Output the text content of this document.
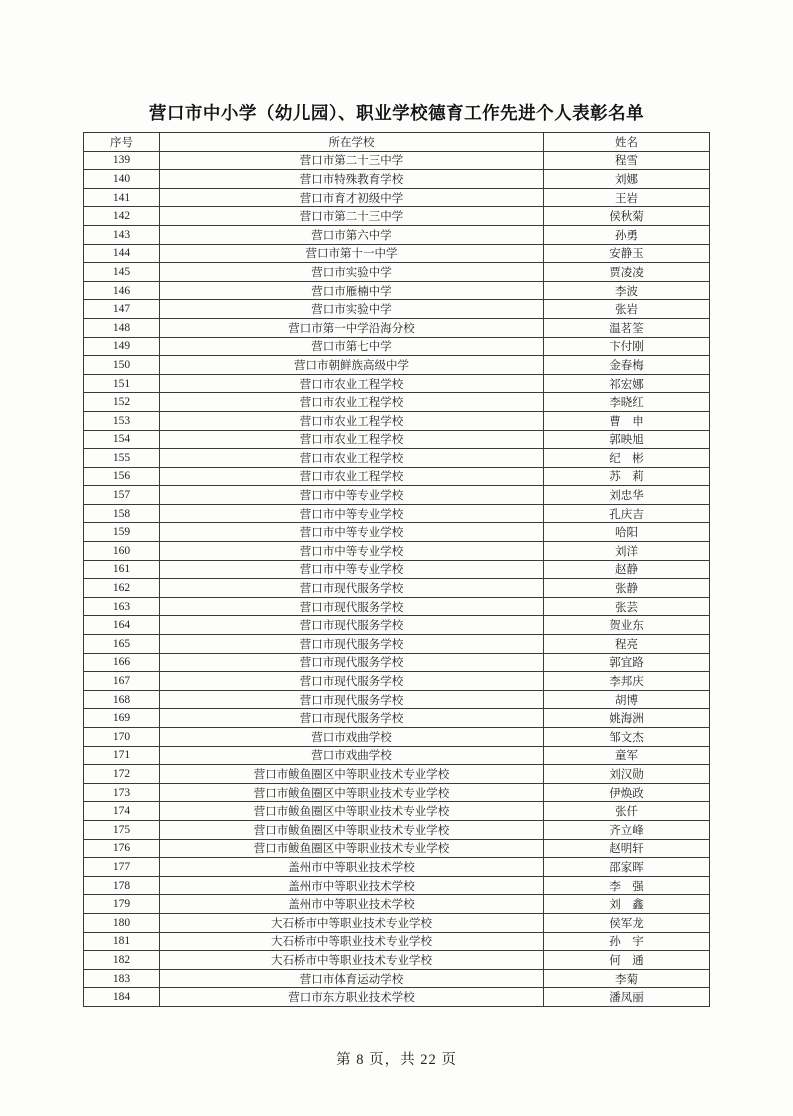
营口市中小学（幼儿园）、职业学校德育工作先进个人表彰名单
序号	所在学校	姓名
139	营口市第二十三中学	程雪
140	营口市特殊教育学校	刘娜
141	营口市育才初级中学	王岩
142	营口市第二十三中学	侯秋菊
143	营口市第六中学	孙勇
144	营口市第十一中学	安静玉
145	营口市实验中学	贾凌凌
146	营口市雁楠中学	李波
147	营口市实验中学	张岩
148	营口市第一中学沿海分校	温茗筌
149	营口市第七中学	卞付刚
150	营口市朝鲜族高级中学	金春梅
151	营口市农业工程学校	祁宏娜
152	营口市农业工程学校	李晓红
153	营口市农业工程学校	曹　申
154	营口市农业工程学校	郭映旭
155	营口市农业工程学校	纪　彬
156	营口市农业工程学校	苏　莉
157	营口市中等专业学校	刘忠华
158	营口市中等专业学校	孔庆吉
159	营口市中等专业学校	哈阳
160	营口市中等专业学校	刘洋
161	营口市中等专业学校	赵静
162	营口市现代服务学校	张静
163	营口市现代服务学校	张芸
164	营口市现代服务学校	贺业东
165	营口市现代服务学校	程亮
166	营口市现代服务学校	郭宜路
167	营口市现代服务学校	李邦庆
168	营口市现代服务学校	胡博
169	营口市现代服务学校	姚海洲
170	营口市戏曲学校	邹文杰
171	营口市戏曲学校	童军
172	营口市鲅鱼圈区中等职业技术专业学校	刘汉勋
173	营口市鲅鱼圈区中等职业技术专业学校	伊焕政
174	营口市鲅鱼圈区中等职业技术专业学校	张仟
175	营口市鲅鱼圈区中等职业技术专业学校	齐立峰
176	营口市鲅鱼圈区中等职业技术专业学校	赵明轩
177	盖州市中等职业技术学校	邵家晖
178	盖州市中等职业技术学校	李　强
179	盖州市中等职业技术学校	刘　鑫
180	大石桥市中等职业技术专业学校	侯军龙
181	大石桥市中等职业技术专业学校	孙　宇
182	大石桥市中等职业技术专业学校	何　通
183	营口市体育运动学校	李菊
184	营口市东方职业技术学校	潘凤丽
第 8 页，共 22 页
